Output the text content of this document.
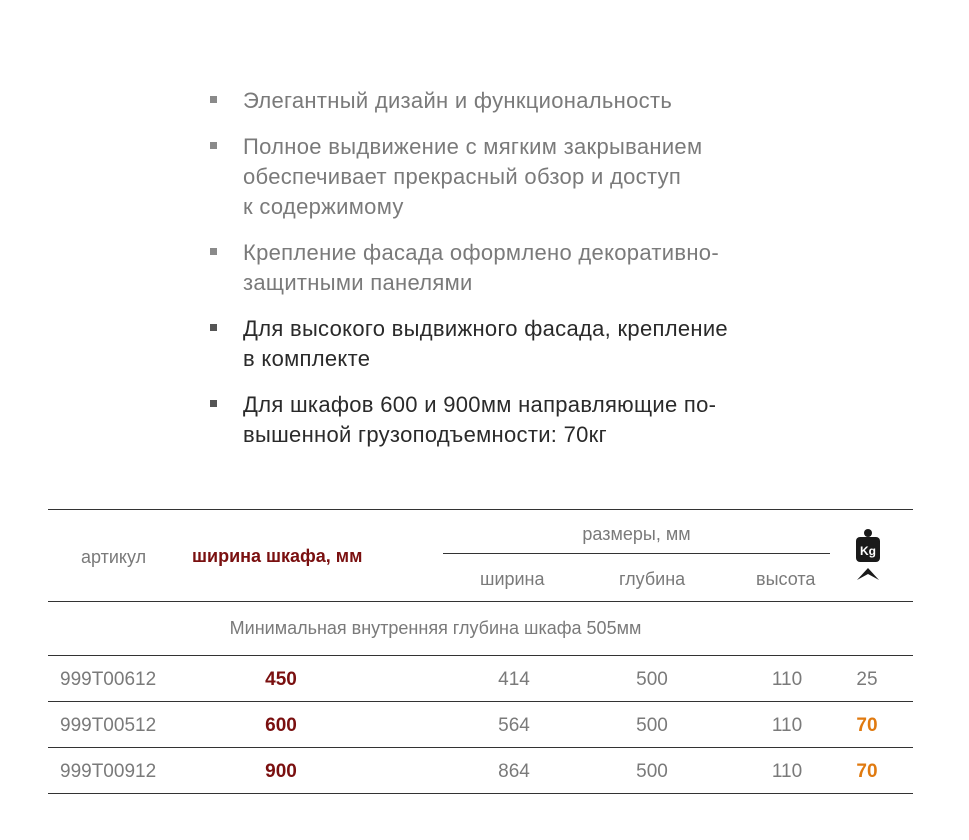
Элегантный дизайн и функциональность
Полное выдвижение с мягким закрыванием
обеспечивает прекрасный обзор и доступ
к содержимому
Крепление фасада оформлено декоративно-
защитными панелями
Для высокого выдвижного фасада, крепление
в комплекте
Для шкафов 600 и 900мм направляющие по-
вышенной грузоподъемности: 70кг
артикул	ширина шкафа, мм
размеры, мм
ширина	глубина	высота
Kg
Минимальная внутренняя глубина шкафа 505мм
999T00612	450	414	500	110	25
999T00512	600	564	500	110	70
999T00912	900	864	500	110	70
